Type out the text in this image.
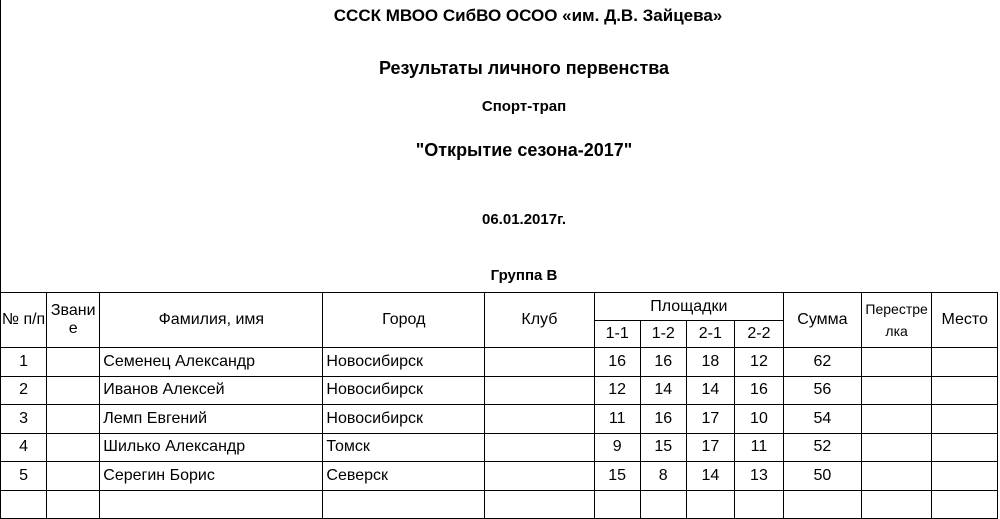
СССК МВОО СибВО ОСОО «им. Д.В. Зайцева»
Результаты личного первенства
Спорт-трап
"Открытие сезона-2017"
06.01.2017г.
Группа В
№ п/п	Звание	Фамилия, имя	Город	Клуб	Площадки				Сумма	Перестрелка	Место
					1-1	1-2	2-1	2-2			
1		Семенец Александр	Новосибирск		16	16	18	12	62		
2		Иванов Алексей	Новосибирск		12	14	14	16	56		
3		Лемп Евгений	Новосибирск		11	16	17	10	54		
4		Шилько Александр	Томск		9	15	17	11	52		
5		Серегин Борис	Северск		15	8	14	13	50		
